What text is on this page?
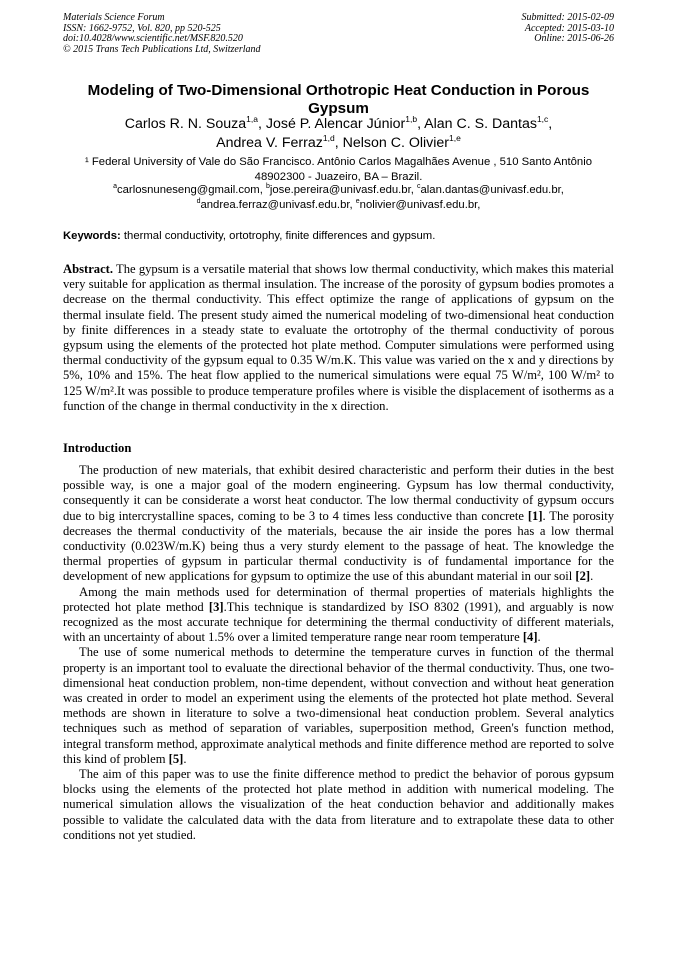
Materials Science Forum
ISSN: 1662-9752, Vol. 820, pp 520-525
doi:10.4028/www.scientific.net/MSF.820.520
© 2015 Trans Tech Publications Ltd, Switzerland
Submitted: 2015-02-09
Accepted: 2015-03-10
Online: 2015-06-26
Modeling of Two-Dimensional Orthotropic Heat Conduction in Porous Gypsum
Carlos R. N. Souza$^{1,a}$, José P. Alencar Júnior$^{1,b}$, Alan C. S. Dantas$^{1,c}$,
Andrea V. Ferraz$^{1,d}$, Nelson C. Olivier$^{1,e}$
¹ Federal University of Vale do São Francisco. Antônio Carlos Magalhães Avenue , 510 Santo Antônio 48902300 - Juazeiro, BA – Brazil.
$^a$carlosnuneseng@gmail.com, $^b$jose.pereira@univasf.edu.br, $^c$alan.dantas@univasf.edu.br,
$^d$andrea.ferraz@univasf.edu.br, $^e$nolivier@univasf.edu.br,
Keywords: thermal conductivity, ortotrophy, finite differences and gypsum.
Abstract. The gypsum is a versatile material that shows low thermal conductivity, which makes this material very suitable for application as thermal insulation. The increase of the porosity of gypsum bodies promotes a decrease on the thermal conductivity. This effect optimize the range of applications of gypsum on the thermal insulate field. The present study aimed the numerical modeling of two-dimensional heat conduction by finite differences in a steady state to evaluate the ortotrophy of the thermal conductivity of porous gypsum using the elements of the protected hot plate method. Computer simulations were performed using thermal conductivity of the gypsum equal to 0.35 W/m.K. This value was varied on the x and y directions by 5%, 10% and 15%. The heat flow applied to the numerical simulations were equal 75 W/m², 100 W/m² to 125 W/m².It was possible to produce temperature profiles where is visible the displacement of isotherms as a function of the change in thermal conductivity in the x direction.
Introduction

The production of new materials, that exhibit desired characteristic and perform their duties in the best possible way, is one a major goal of the modern engineering. Gypsum has low thermal conductivity, consequently it can be considerate a worst heat conductor. The low thermal conductivity of gypsum occurs due to big intercrystalline spaces, coming to be 3 to 4 times less conductive than concrete [1]. The porosity decreases the thermal conductivity of the materials, because the air inside the pores has a low thermal conductivity (0.023W/m.K) being thus a very sturdy element to the passage of heat. The knowledge the thermal properties of gypsum in particular thermal conductivity is of fundamental importance for the development of new applications for gypsum to optimize the use of this abundant material in our soil [2].

Among the main methods used for determination of thermal properties of materials highlights the protected hot plate method [3].This technique is standardized by ISO 8302 (1991), and arguably is now recognized as the most accurate technique for determining the thermal conductivity of different materials, with an uncertainty of about 1.5% over a limited temperature range near room temperature [4].

The use of some numerical methods to determine the temperature curves in function of the thermal property is an important tool to evaluate the directional behavior of the thermal conductivity. Thus, one two-dimensional heat conduction problem, non-time dependent, without convection and without heat generation was created in order to model an experiment using the elements of the protected hot plate method. Several methods are shown in literature to solve a two-dimensional heat conduction problem. Several analytics techniques such as method of separation of variables, superposition method, Green's function method, integral transform method, approximate analytical methods and finite difference method are reported to solve this kind of problem [5].

The aim of this paper was to use the finite difference method to predict the behavior of porous gypsum blocks using the elements of the protected hot plate method in addition with numerical modeling. The numerical simulation allows the visualization of the heat conduction behavior and additionally makes possible to validate the calculated data with the data from literature and to extrapolate these data to other conditions not yet studied.
